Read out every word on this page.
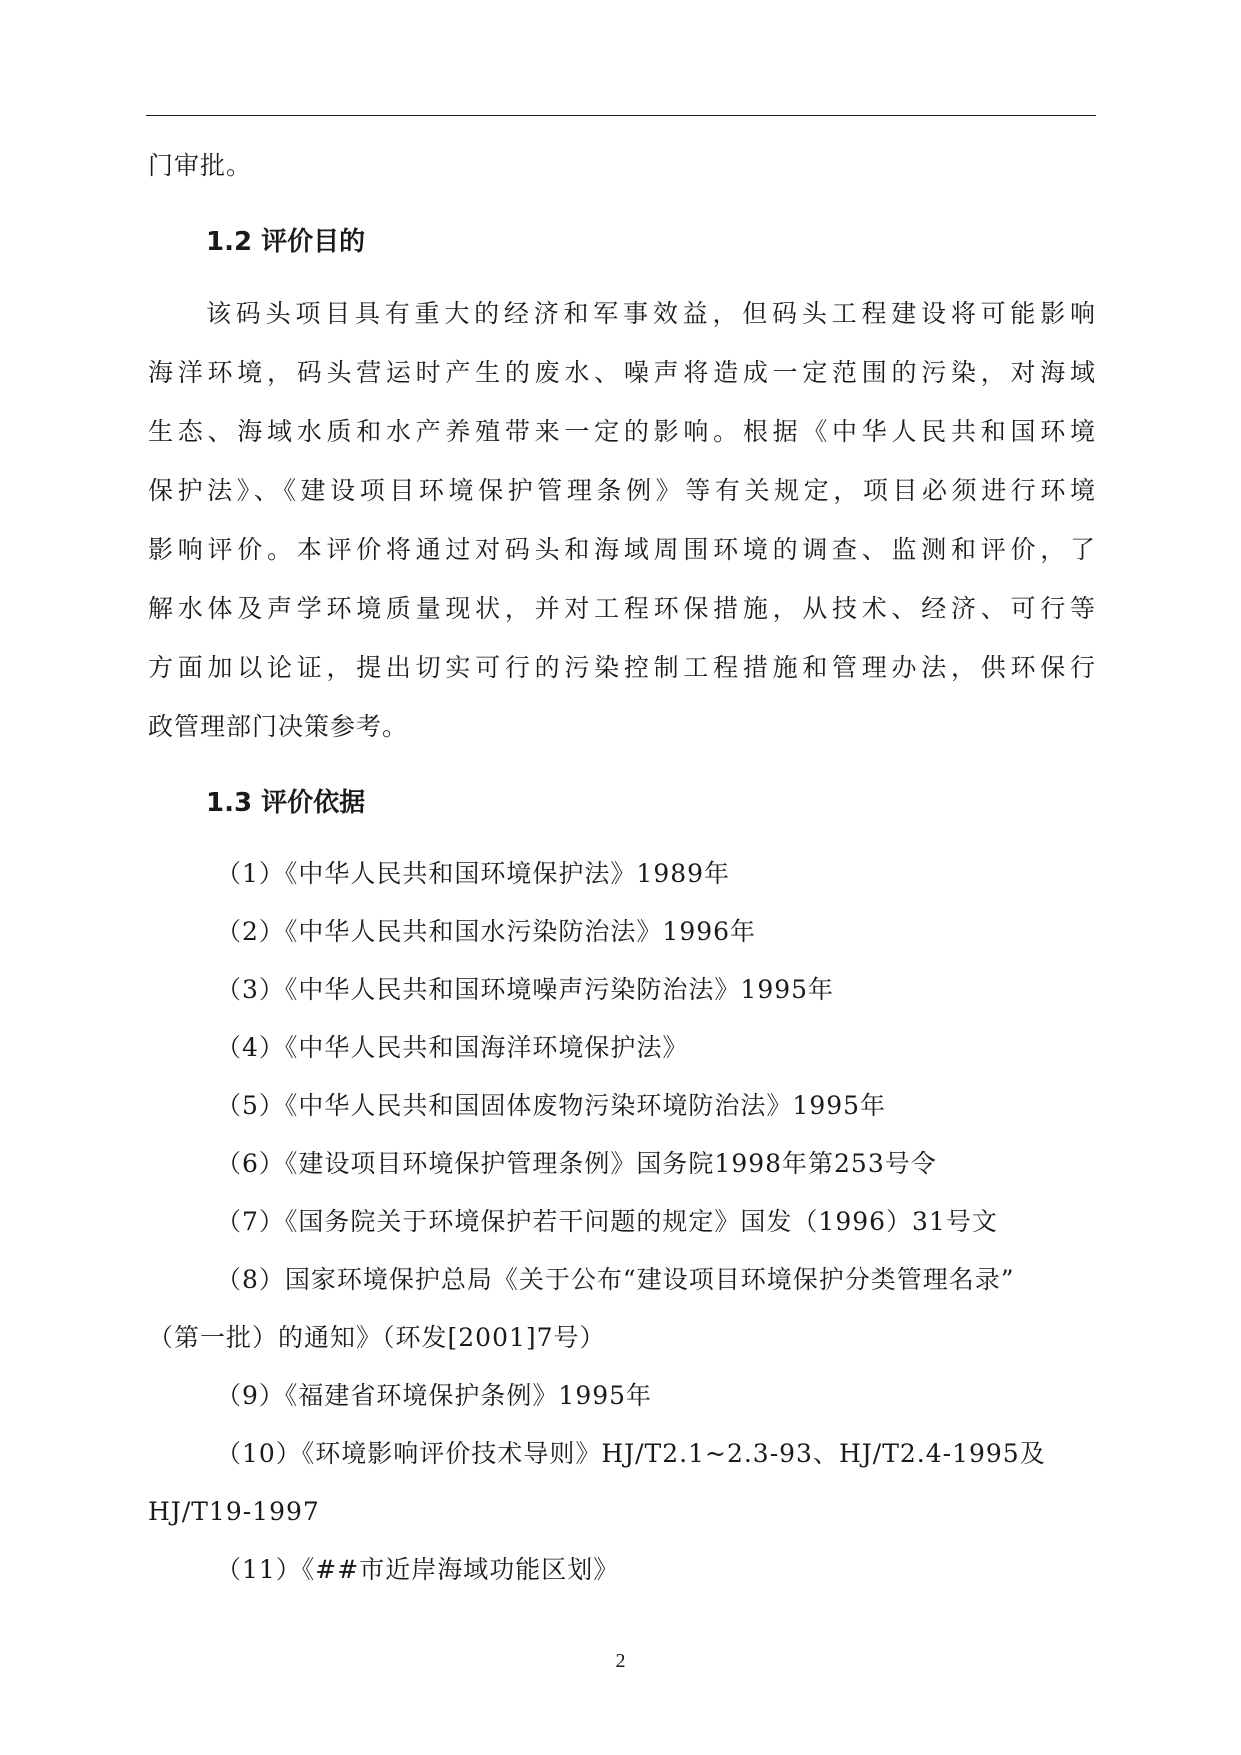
门审批。
1.2 评价目的
该码头项目具有重大的经济和军事效益，但码头工程建设将可能影响
海洋环境，码头营运时产生的废水、噪声将造成一定范围的污染，对海域
生态、海域水质和水产养殖带来一定的影响。根据《中华人民共和国环境
保护法》、《建设项目环境保护管理条例》等有关规定，项目必须进行环境
影响评价。本评价将通过对码头和海域周围环境的调查、监测和评价，了
解水体及声学环境质量现状，并对工程环保措施，从技术、经济、可行等
方面加以论证，提出切实可行的污染控制工程措施和管理办法，供环保行
政管理部门决策参考。
1.3 评价依据
（1）《中华人民共和国环境保护法》1989年
（2）《中华人民共和国水污染防治法》1996年
（3）《中华人民共和国环境噪声污染防治法》1995年
（4）《中华人民共和国海洋环境保护法》
（5）《中华人民共和国固体废物污染环境防治法》1995年
（6）《建设项目环境保护管理条例》国务院1998年第253号令
（7）《国务院关于环境保护若干问题的规定》国发（1996）31号文
（8）国家环境保护总局《关于公布“建设项目环境保护分类管理名录”
（第一批）的通知》（环发[2001]7号）
（9）《福建省环境保护条例》1995年
（10）《环境影响评价技术导则》HJ/T2.1~2.3-93、HJ/T2.4-1995及
HJ/T19-1997
（11）《##市近岸海域功能区划》
2
